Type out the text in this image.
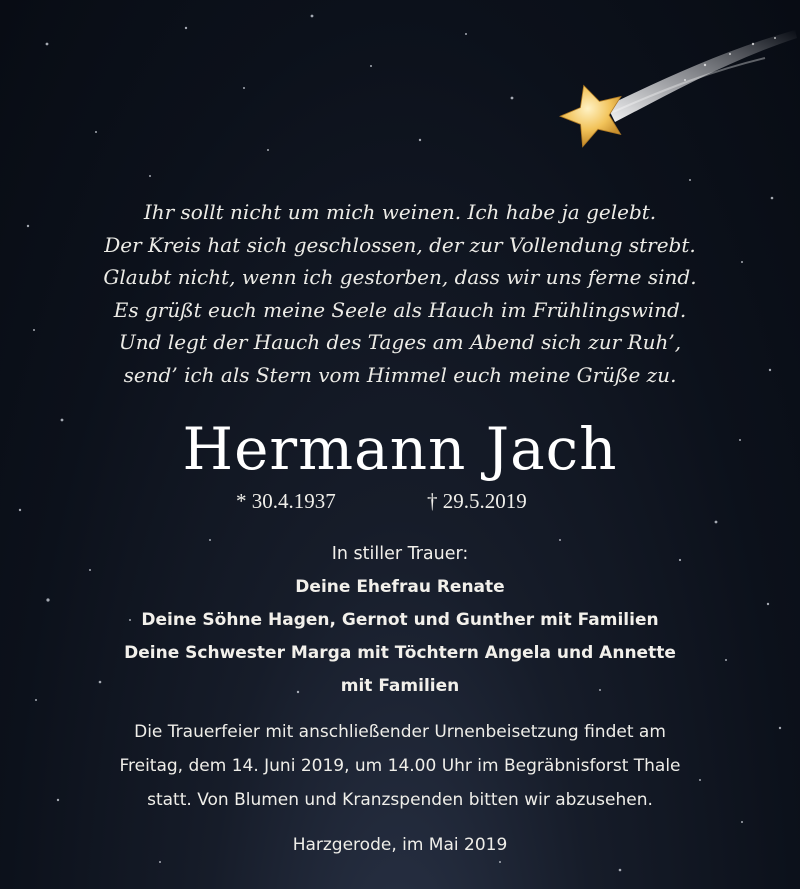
Ihr sollt nicht um mich weinen. Ich habe ja gelebt.
Der Kreis hat sich geschlossen, der zur Vollendung strebt.
Glaubt nicht, wenn ich gestorben, dass wir uns ferne sind.
Es grüßt euch meine Seele als Hauch im Frühlingswind.
Und legt der Hauch des Tages am Abend sich zur Ruh’,
send’ ich als Stern vom Himmel euch meine Grüße zu.
Hermann Jach
* 30.4.1937	† 29.5.2019
In stiller Trauer:
Deine Ehefrau Renate
Deine Söhne Hagen, Gernot und Gunther mit Familien
Deine Schwester Marga mit Töchtern Angela und Annette
mit Familien
Die Trauerfeier mit anschließender Urnenbeisetzung findet am
Freitag, dem 14. Juni 2019, um 14.00 Uhr im Begräbnisforst Thale
statt. Von Blumen und Kranzspenden bitten wir abzusehen.
Harzgerode, im Mai 2019
